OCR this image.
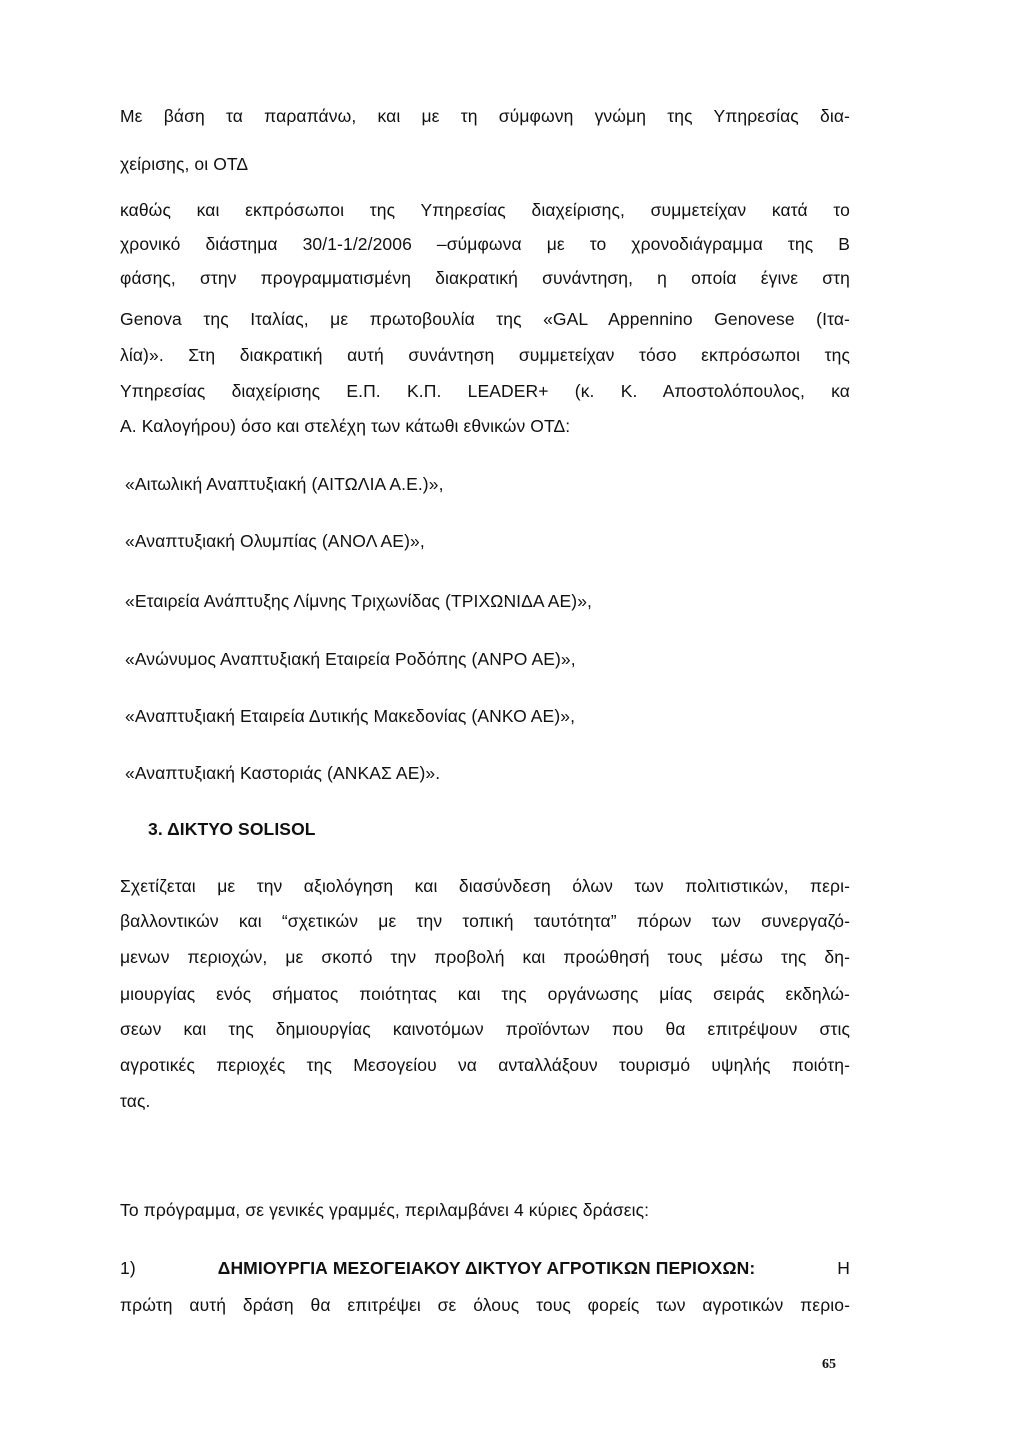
Με βάση τα παραπάνω, και με τη σύμφωνη γνώμη της Υπηρεσίας δια-
χείρισης, οι ΟΤΔ
καθώς και εκπρόσωποι της Υπηρεσίας διαχείρισης, συμμετείχαν κατά το
χρονικό διάστημα 30/1-1/2/2006 –σύμφωνα με το χρονοδιάγραμμα της Β
φάσης, στην προγραμματισμένη διακρατική συνάντηση, η οποία έγινε στη
Genova της Ιταλίας, με πρωτοβουλία της «GAL Appennino Genovese (Ιτα-
λία)». Στη διακρατική αυτή συνάντηση συμμετείχαν τόσο εκπρόσωποι της
Υπηρεσίας διαχείρισης Ε.Π. Κ.Π. LEADER+ (κ. Κ. Αποστολόπουλος, κα
Α. Καλογήρου) όσο και στελέχη των κάτωθι εθνικών ΟΤΔ:
«Αιτωλική Αναπτυξιακή (ΑΙΤΩΛΙΑ Α.Ε.)»,
«Αναπτυξιακή Ολυμπίας (ΑΝΟΛ ΑΕ)»,
«Εταιρεία Ανάπτυξης Λίμνης Τριχωνίδας (ΤΡΙΧΩΝΙΔΑ ΑΕ)»,
«Ανώνυμος Αναπτυξιακή Εταιρεία Ροδόπης (ΑΝΡΟ ΑΕ)»,
«Αναπτυξιακή Εταιρεία Δυτικής Μακεδονίας (ΑΝΚΟ ΑΕ)»,
«Αναπτυξιακή Καστοριάς (ΑΝΚΑΣ ΑΕ)».
3. ΔΙΚΤΥΟ SOLISOL
Σχετίζεται με την αξιολόγηση και διασύνδεση όλων των πολιτιστικών, περι-
βαλλοντικών και “σχετικών με την τοπική ταυτότητα” πόρων των συνεργαζό-
μενων περιοχών, με σκοπό την προβολή και προώθησή τους μέσω της δη-
μιουργίας ενός σήματος ποιότητας και της οργάνωσης μίας σειράς εκδηλώ-
σεων και της δημιουργίας καινοτόμων προϊόντων που θα επιτρέψουν στις
αγροτικές περιοχές της Μεσογείου να ανταλλάξουν τουρισμό υψηλής ποιότη-
τας.
Το πρόγραμμα, σε γενικές γραμμές, περιλαμβάνει 4 κύριες δράσεις:
1)	ΔΗΜΙΟΥΡΓΙΑ ΜΕΣΟΓΕΙΑΚΟΥ ΔΙΚΤΥΟΥ ΑΓΡΟΤΙΚΩΝ ΠΕΡΙΟΧΩΝ:	Η
πρώτη αυτή δράση θα επιτρέψει σε όλους τους φορείς των αγροτικών περιο-
65
